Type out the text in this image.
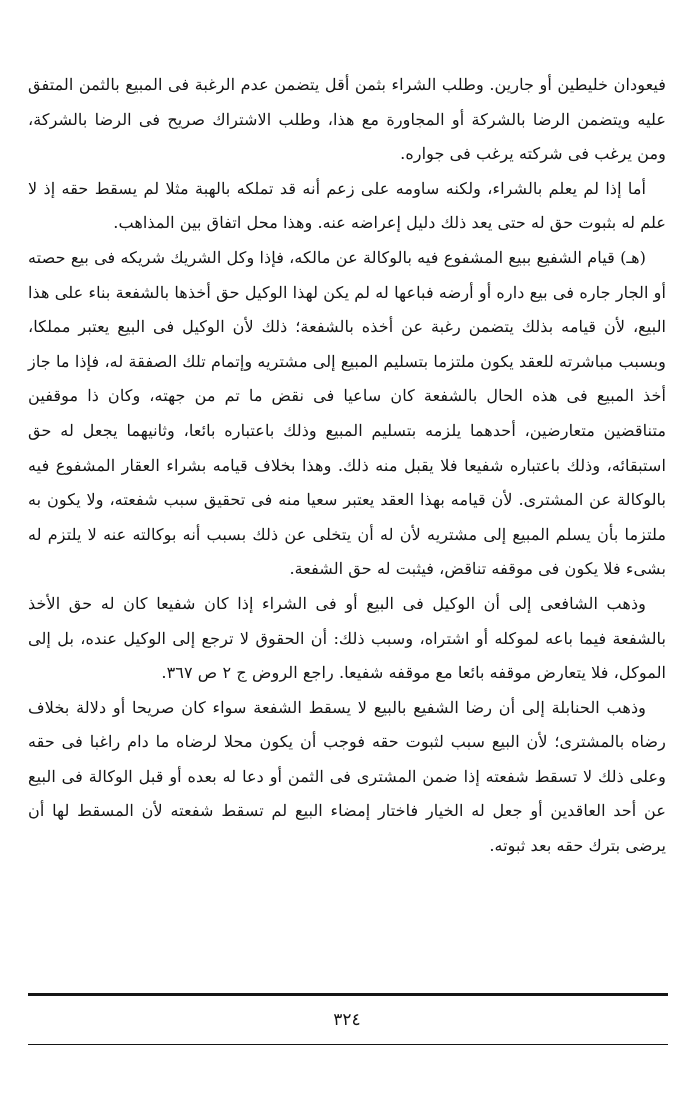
فيعودان خليطين أو جارين. وطلب الشراء بثمن أقل يتضمن عدم الرغبة فى المبيع بالثمن المتفق عليه ويتضمن الرضا بالشركة أو المجاورة مع هذا، وطلب الاشتراك صريح فى الرضا بالشركة، ومن يرغب فى شركته يرغب فى جواره.

أما إذا لم يعلم بالشراء، ولكنه ساومه على زعم أنه قد تملكه بالهبة مثلا لم يسقط حقه إذ لا علم له بثبوت حق له حتى يعد ذلك دليل إعراضه عنه. وهذا محل اتفاق بين المذاهب.

(هـ) قيام الشفيع ببيع المشفوع فيه بالوكالة عن مالكه، فإذا وكل الشريك شريكه فى بيع حصته أو الجار جاره فى بيع داره أو أرضه فباعها له لم يكن لهذا الوكيل حق أخذها بالشفعة بناء على هذا البيع، لأن قيامه بذلك يتضمن رغبة عن أخذه بالشفعة؛ ذلك لأن الوكيل فى البيع يعتبر مملكا، وبسبب مباشرته للعقد يكون ملتزما بتسليم المبيع إلى مشتريه وإتمام تلك الصفقة له، فإذا ما جاز أخذ المبيع فى هذه الحال بالشفعة كان ساعيا فى نقض ما تم من جهته، وكان ذا موقفين متناقضين متعارضين، أحدهما يلزمه بتسليم المبيع وذلك باعتباره بائعا، وثانيهما يجعل له حق استبقائه، وذلك باعتباره شفيعا فلا يقبل منه ذلك. وهذا بخلاف قيامه بشراء العقار المشفوع فيه بالوكالة عن المشترى. لأن قيامه بهذا العقد يعتبر سعيا منه فى تحقيق سبب شفعته، ولا يكون به ملتزما بأن يسلم المبيع إلى مشتريه لأن له أن يتخلى عن ذلك بسبب أنه بوكالته عنه لا يلتزم له بشىء فلا يكون فى موقفه تناقض، فيثبت له حق الشفعة.

وذهب الشافعى إلى أن الوكيل فى البيع أو فى الشراء إذا كان شفيعا كان له حق الأخذ بالشفعة فيما باعه لموكله أو اشتراه، وسبب ذلك: أن الحقوق لا ترجع إلى الوكيل عنده، بل إلى الموكل، فلا يتعارض موقفه بائعا مع موقفه شفيعا. راجع الروض ج ٢ ص ٣٦٧.

وذهب الحنابلة إلى أن رضا الشفيع بالبيع لا يسقط الشفعة سواء كان صريحا أو دلالة بخلاف رضاه بالمشترى؛ لأن البيع سبب لثبوت حقه فوجب أن يكون محلا لرضاه ما دام راغبا فى حقه وعلى ذلك لا تسقط شفعته إذا ضمن المشترى فى الثمن أو دعا له بعده أو قبل الوكالة فى البيع عن أحد العاقدين أو جعل له الخيار فاختار إمضاء البيع لم تسقط شفعته لأن المسقط لها أن يرضى بترك حقه بعد ثبوته.

٣٢٤
